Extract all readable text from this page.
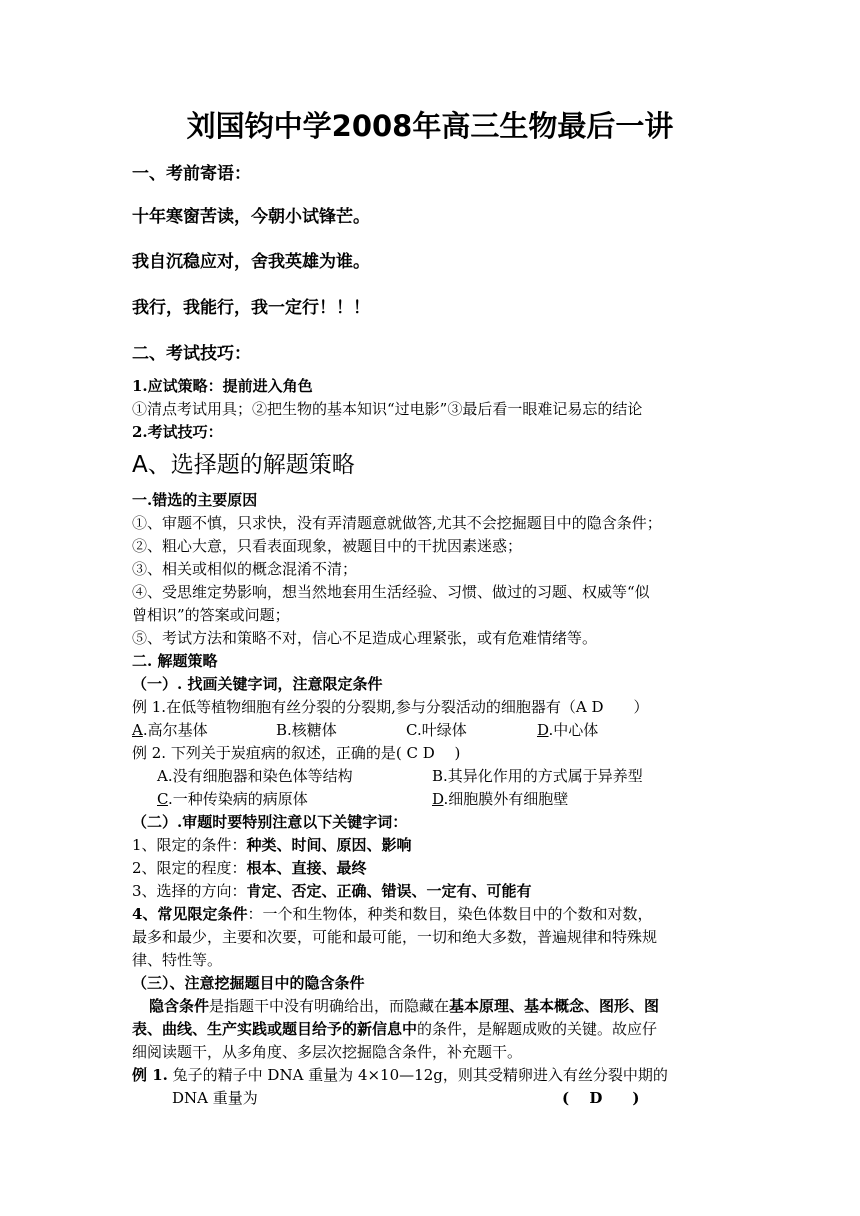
刘国钧中学2008年高三生物最后一讲
一、考前寄语：
十年寒窗苦读，今朝小试锋芒。
我自沉稳应对，舍我英雄为谁。
我行，我能行，我一定行！！！
二、考试技巧：
1.应试策略：提前进入角色
①清点考试用具；②把生物的基本知识“过电影”③最后看一眼难记易忘的结论
2.考试技巧：
A、选择题的解题策略
一.错选的主要原因
①、审题不慎，只求快，没有弄清题意就做答,尤其不会挖掘题目中的隐含条件；
②、粗心大意，只看表面现象，被题目中的干扰因素迷惑；
③、相关或相似的概念混淆不清；
④、受思维定势影响，想当然地套用生活经验、习惯、做过的习题、权威等“似
曾相识”的答案或问题；
⑤、考试方法和策略不对，信心不足造成心理紧张，或有危难情绪等。
二. 解题策略
（一）. 找画关键字词，注意限定条件
例 1.在低等植物细胞有丝分裂的分裂期,参与分裂活动的细胞器有（A D　　）
A.高尔基体	B.核糖体	C.叶绿体	D.中心体
例 2. 下列关于炭疽病的叙述，正确的是( C D　 )
A.没有细胞器和染色体等结构	B.其异化作用的方式属于异养型
C.一种传染病的病原体	D.细胞膜外有细胞壁
（二）.审题时要特别注意以下关键字词：
1、限定的条件：种类、时间、原因、影响
2、限定的程度：根本、直接、最终
3、选择的方向：肯定、否定、正确、错误、一定有、可能有
4、常见限定条件：一个和生物体，种类和数目，染色体数目中的个数和对数，
最多和最少，主要和次要，可能和最可能，一切和绝大多数，普遍规律和特殊规
律、特性等。
（三）、注意挖掘题目中的隐含条件
隐含条件是指题干中没有明确给出，而隐藏在基本原理、基本概念、图形、图
表、曲线、生产实践或题目给予的新信息中的条件，是解题成败的关键。故应仔
细阅读题干，从多角度、多层次挖掘隐含条件，补充题干。
例 1. 兔子的精子中 DNA 重量为 4×10—12g，则其受精卵进入有丝分裂中期的
DNA 重量为	(　 D　　)
